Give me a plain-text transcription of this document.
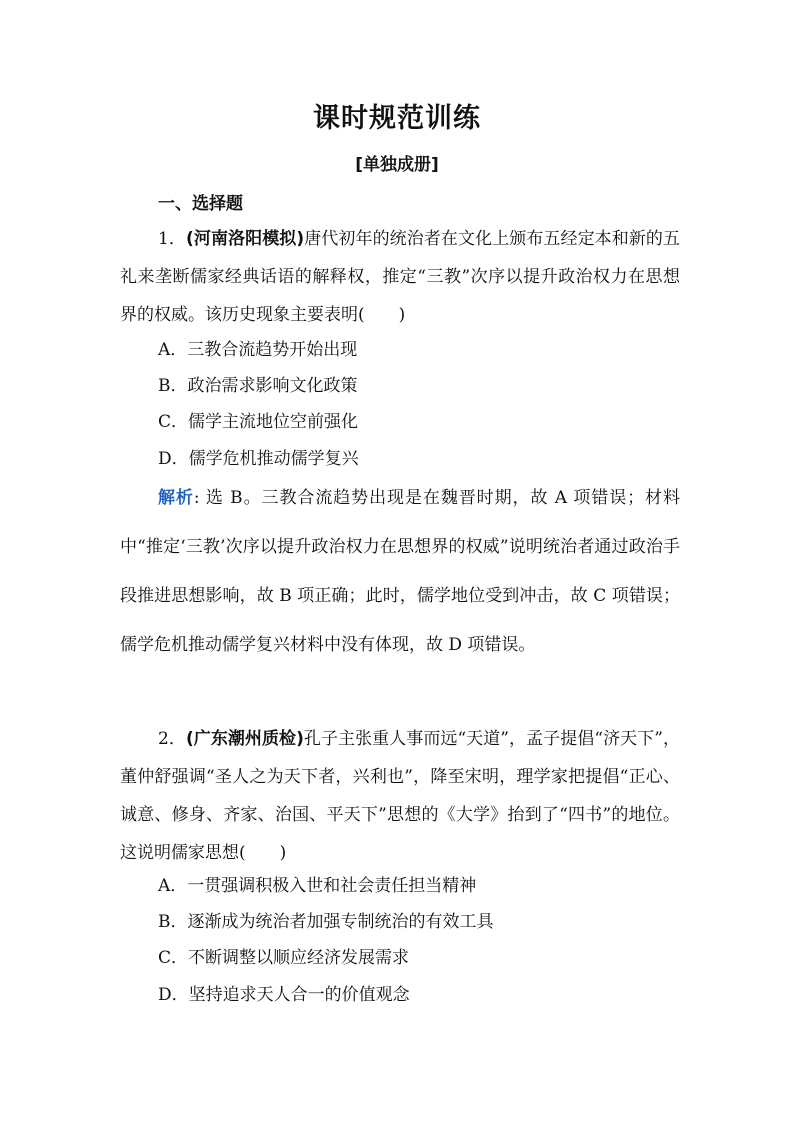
课时规范训练
[单独成册]
一、选择题
1．(河南洛阳模拟)唐代初年的统治者在文化上颁布五经定本和新的五礼来垄断儒家经典话语的解释权，推定“三教”次序以提升政治权力在思想界的权威。该历史现象主要表明(　　)
A．三教合流趋势开始出现
B．政治需求影响文化政策
C．儒学主流地位空前强化
D．儒学危机推动儒学复兴
解析: 选 B。三教合流趋势出现是在魏晋时期，故 A 项错误；材料中“推定‘三教’次序以提升政治权力在思想界的权威”说明统治者通过政治手段推进思想影响，故 B 项正确；此时，儒学地位受到冲击，故 C 项错误；儒学危机推动儒学复兴材料中没有体现，故 D 项错误。
2．(广东潮州质检)孔子主张重人事而远“天道”，孟子提倡“济天下”，董仲舒强调“圣人之为天下者，兴利也”，降至宋明，理学家把提倡“正心、诚意、修身、齐家、治国、平天下”思想的《大学》抬到了“四书”的地位。这说明儒家思想(　　)
A．一贯强调积极入世和社会责任担当精神
B．逐渐成为统治者加强专制统治的有效工具
C．不断调整以顺应经济发展需求
D．坚持追求天人合一的价值观念
